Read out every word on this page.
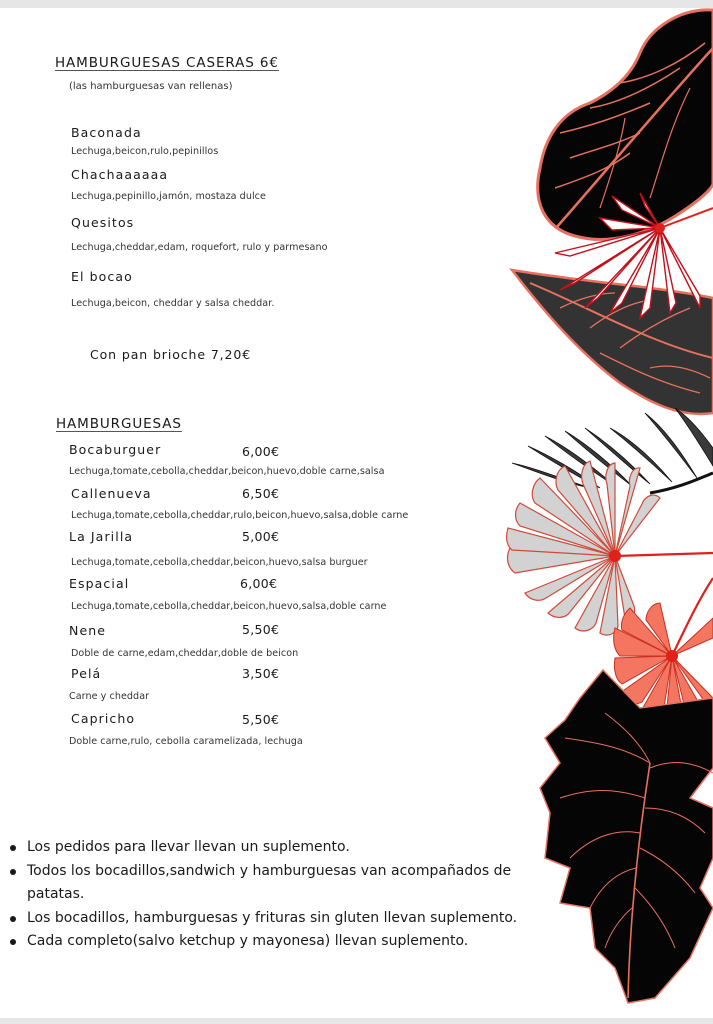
HAMBURGUESAS CASERAS 6€
(las hamburguesas van rellenas)
Baconada
Lechuga,beicon,rulo,pepinillos
Chachaaaaaa
Lechuga,pepinillo,jamón, mostaza dulce
Quesitos
Lechuga,cheddar,edam, roquefort, rulo y parmesano
El bocao
Lechuga,beicon, cheddar y salsa cheddar.
Con pan brioche 7,20€
HAMBURGUESAS
Bocaburguer	6,00€
Lechuga,tomate,cebolla,cheddar,beicon,huevo,doble carne,salsa
Callenueva	6,50€
Lechuga,tomate,cebolla,cheddar,rulo,beicon,huevo,salsa,doble carne
La Jarilla	5,00€
Lechuga,tomate,cebolla,cheddar,beicon,huevo,salsa burguer
Espacial	6,00€
Lechuga,tomate,cebolla,cheddar,beicon,huevo,salsa,doble carne
Nene	5,50€
Doble de carne,edam,cheddar,doble de beicon
Pelá	3,50€
Carne y cheddar
Capricho	5,50€
Doble carne,rulo, cebolla caramelizada, lechuga
Los pedidos para llevar llevan un suplemento.
Todos los bocadillos,sandwich y hamburguesas van acompañados de patatas.
Los bocadillos, hamburguesas y frituras sin gluten llevan suplemento.
Cada completo(salvo ketchup y mayonesa) llevan suplemento.
